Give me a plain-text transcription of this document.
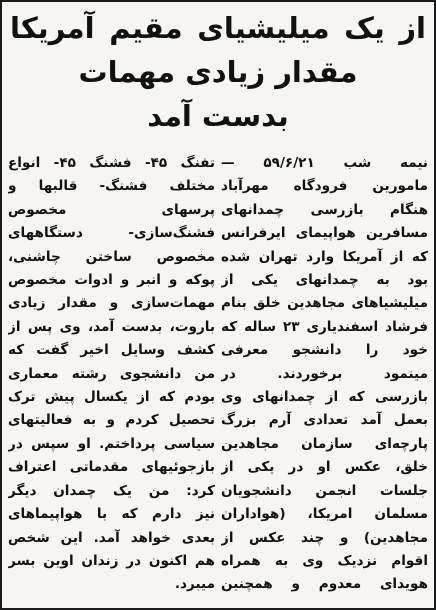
از یک میلیشیای مقیم آمریکا
مقدار زیادی مهمات
بدست آمد
نیمه شب ۵۹/۶/۲۱ —
مامورین فرودگاه مهرآباد
هنگام بازرسی چمدانهای
مسافرین هواپیمای ایرفرانس
که از آمریکا وارد تهران شده
بود به چمدانهای یکی از
میلیشیاهای مجاهدین خلق بنام
فرشاد اسفندیاری ۲۳ ساله که
خود را دانشجو معرفی
مینمود برخوردند. در
بازرسی که از چمدانهای وی
بعمل آمد تعدادی آرم بزرگ
پارچه‌ای سازمان مجاهدین
خلق، عکس او در یکی از
جلسات انجمن دانشجویان
مسلمان امریکا، (هواداران
مجاهدین) و چند عکس از
اقوام نزدیک وی به همراه
هویدای معدوم و همچنین
تفنگ ۴۵- فشنگ ۴۵- انواع
مختلف فشنگ- قالبها و
پرسهای مخصوص
فشنگ‌سازی- دستگاههای
مخصوص ساختن چاشنی،
پوکه و انبر و ادوات مخصوص
مهمات‌سازی و مقدار زیادی
باروت، بدست آمد، وی پس از
کشف وسایل اخیر گفت که
من دانشجوی رشته معماری
بودم که از یکسال پیش ترک
تحصیل کردم و به فعالیتهای
سیاسی پرداختم. او سپس در
بازجوئیهای مقدماتی اعتراف
کرد: من یک چمدان دیگر
نیز دارم که با هواپیماهای
بعدی خواهد آمد. این شخص
هم اکنون در زندان اوین بسر
میبرد.
